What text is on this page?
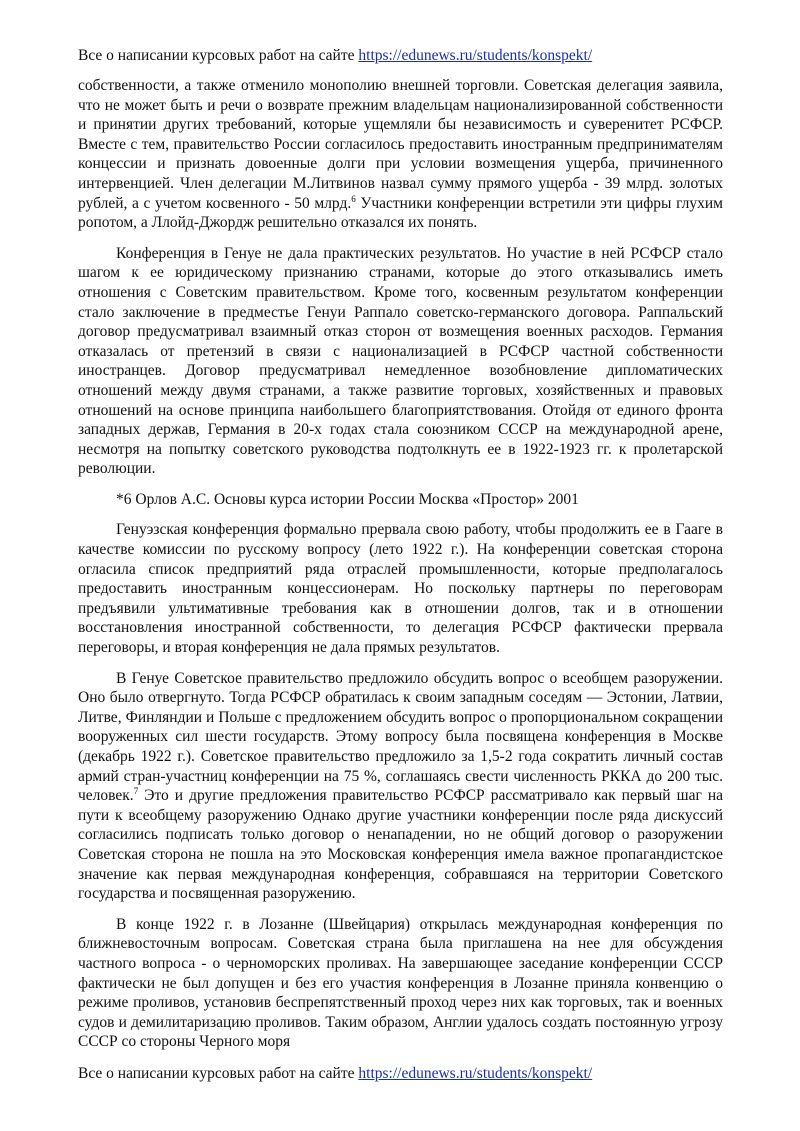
Все о написании курсовых работ на сайте https://edunews.ru/students/konspekt/

собственности, а также отменило монополию внешней торговли. Советская делегация заявила, что не может быть и речи о возврате прежним владельцам национализированной собственности и принятии других требований, которые ущемляли бы независимость и суверенитет РСФСР. Вместе с тем, правительство России согласилось предоставить иностранным предпринимателям концессии и признать довоенные долги при условии возмещения ущерба, причиненного интервенцией. Член делегации М.Литвинов назвал сумму прямого ущерба - 39 млрд. золотых рублей, а с учетом косвенного - 50 млрд.$^6$ Участники конференции встретили эти цифры глухим ропотом, а Ллойд-Джордж решительно отказался их понять.

Конференция в Генуе не дала практических результатов. Но участие в ней РСФСР стало шагом к ее юридическому признанию странами, которые до этого отказывались иметь отношения с Советским правительством. Кроме того, косвенным результатом конференции стало заключение в предместье Генуи Раппало советско-германского договора. Раппальский договор предусматривал взаимный отказ сторон от возмещения военных расходов. Германия отказалась от претензий в связи с национализацией в РСФСР частной собственности иностранцев. Договор предусматривал немедленное возобновление дипломатических отношений между двумя странами, а также развитие торговых, хозяйственных и правовых отношений на основе принципа наибольшего благоприятствования. Отойдя от единого фронта западных держав, Германия в 20-х годах стала союзником СССР на международной арене, несмотря на попытку советского руководства подтолкнуть ее в 1922-1923 гг. к пролетарской революции.

*6 Орлов А.С. Основы курса истории России Москва «Простор» 2001

Генуэзская конференция формально прервала свою работу, чтобы продолжить ее в Гааге в качестве комиссии по русскому вопросу (лето 1922 г.). На конференции советская сторона огласила список предприятий ряда отраслей промышленности, которые предполагалось предоставить иностранным концессионерам. Но поскольку партнеры по переговорам предъявили ультимативные требования как в отношении долгов, так и в отношении восстановления иностранной собственности, то делегация РСФСР фактически прервала переговоры, и вторая конференция не дала прямых результатов.

В Генуе Советское правительство предложило обсудить вопрос о всеобщем разоружении. Оно было отвергнуто. Тогда РСФСР обратилась к своим западным соседям — Эстонии, Латвии, Литве, Финляндии и Польше с предложением обсудить вопрос о пропорциональном сокращении вооруженных сил шести государств. Этому вопросу была посвящена конференция в Москве (декабрь 1922 г.). Советское правительство предложило за 1,5-2 года сократить личный состав армий стран-участниц конференции на 75 %, соглашаясь свести численность РККА до 200 тыс. человек.$^7$ Это и другие предложения правительство РСФСР рассматривало как первый шаг на пути к всеобщему разоружению Однако другие участники конференции после ряда дискуссий согласились подписать только договор о ненападении, но не общий договор о разоружении Советская сторона не пошла на это Московская конференция имела важное пропагандистское значение как первая международная конференция, собравшаяся на территории Советского государства и посвященная разоружению.

В конце 1922 г. в Лозанне (Швейцария) открылась международная конференция по ближневосточным вопросам. Советская страна была приглашена на нее для обсуждения частного вопроса - о черноморских проливах. На завершающее заседание конференции СССР фактически не был допущен и без его участия конференция в Лозанне приняла конвенцию о режиме проливов, установив беспрепятственный проход через них как торговых, так и военных судов и демилитаризацию проливов. Таким образом, Англии удалось создать постоянную угрозу СССР со стороны Черного моря

Все о написании курсовых работ на сайте https://edunews.ru/students/konspekt/
